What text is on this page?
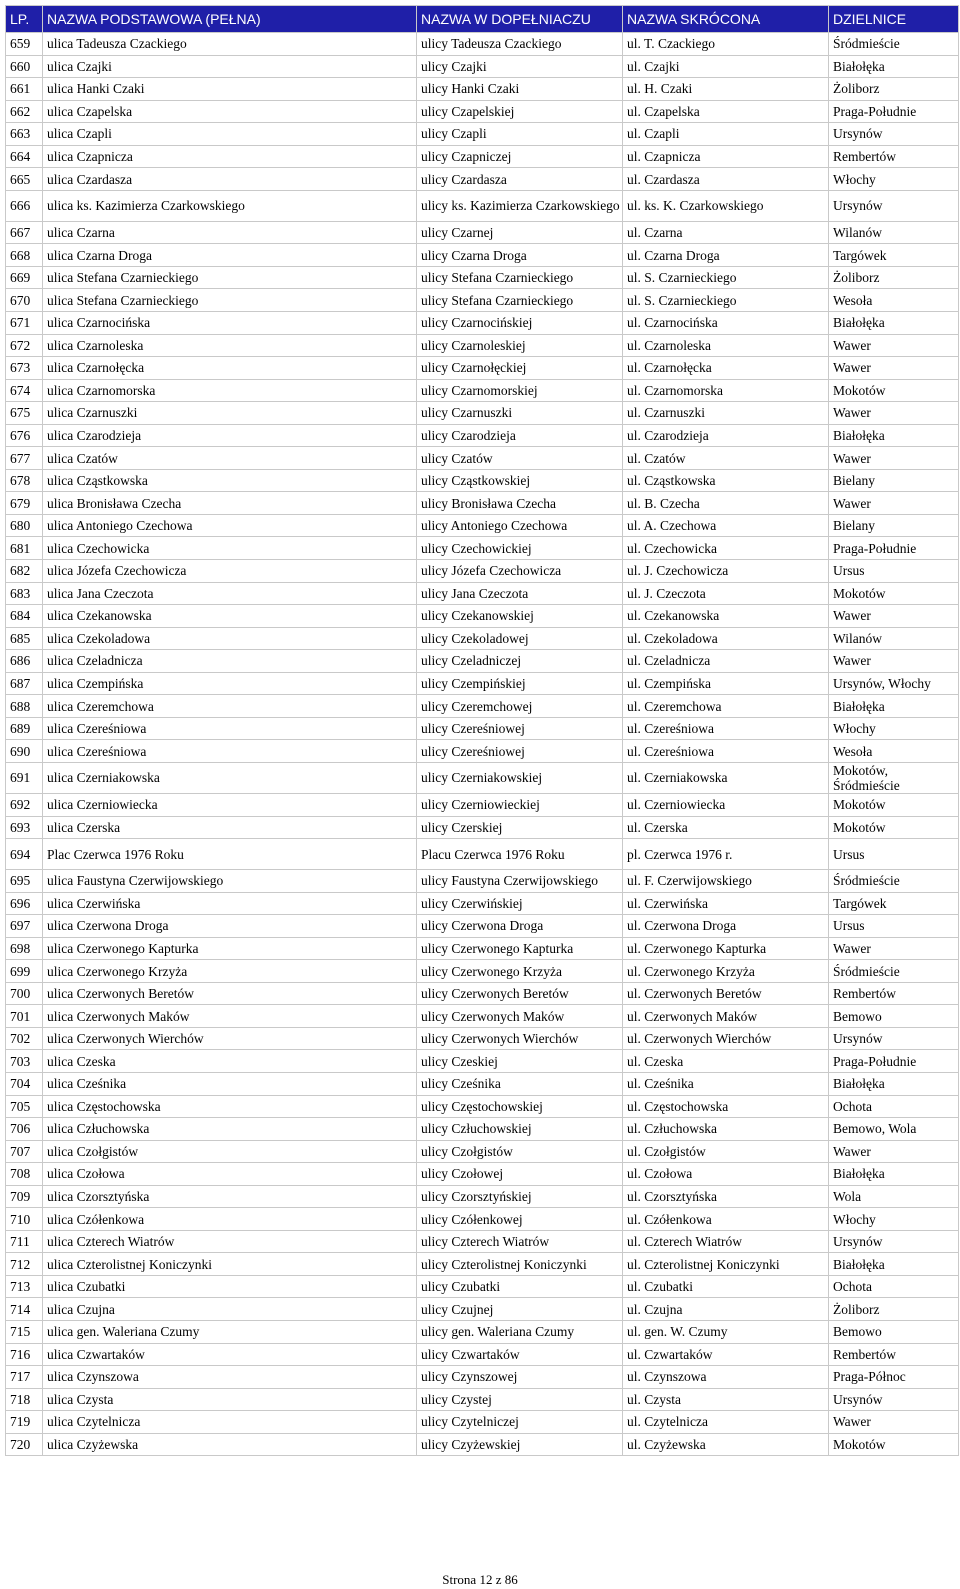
LP.	NAZWA PODSTAWOWA (PEŁNA)	NAZWA W DOPEŁNIACZU	NAZWA SKRÓCONA	DZIELNICE
659	ulica Tadeusza Czackiego	ulicy Tadeusza Czackiego	ul. T. Czackiego	Śródmieście
660	ulica Czajki	ulicy Czajki	ul. Czajki	Białołęka
661	ulica Hanki Czaki	ulicy Hanki Czaki	ul. H. Czaki	Żoliborz
662	ulica Czapelska	ulicy Czapelskiej	ul. Czapelska	Praga-Południe
663	ulica Czapli	ulicy Czapli	ul. Czapli	Ursynów
664	ulica Czapnicza	ulicy Czapniczej	ul. Czapnicza	Rembertów
665	ulica Czardasza	ulicy Czardasza	ul. Czardasza	Włochy
666	ulica ks. Kazimierza Czarkowskiego	ulicy ks. Kazimierza Czarkowskiego	ul. ks. K. Czarkowskiego	Ursynów
667	ulica Czarna	ulicy Czarnej	ul. Czarna	Wilanów
668	ulica Czarna Droga	ulicy Czarna Droga	ul. Czarna Droga	Targówek
669	ulica Stefana Czarnieckiego	ulicy Stefana Czarnieckiego	ul. S. Czarnieckiego	Żoliborz
670	ulica Stefana Czarnieckiego	ulicy Stefana Czarnieckiego	ul. S. Czarnieckiego	Wesoła
671	ulica Czarnocińska	ulicy Czarnocińskiej	ul. Czarnocińska	Białołęka
672	ulica Czarnoleska	ulicy Czarnoleskiej	ul. Czarnoleska	Wawer
673	ulica Czarnołęcka	ulicy Czarnołęckiej	ul. Czarnołęcka	Wawer
674	ulica Czarnomorska	ulicy Czarnomorskiej	ul. Czarnomorska	Mokotów
675	ulica Czarnuszki	ulicy Czarnuszki	ul. Czarnuszki	Wawer
676	ulica Czarodzieja	ulicy Czarodzieja	ul. Czarodzieja	Białołęka
677	ulica Czatów	ulicy Czatów	ul. Czatów	Wawer
678	ulica Cząstkowska	ulicy Cząstkowskiej	ul. Cząstkowska	Bielany
679	ulica Bronisława Czecha	ulicy Bronisława Czecha	ul. B. Czecha	Wawer
680	ulica Antoniego Czechowa	ulicy Antoniego Czechowa	ul. A. Czechowa	Bielany
681	ulica Czechowicka	ulicy Czechowickiej	ul. Czechowicka	Praga-Południe
682	ulica Józefa Czechowicza	ulicy Józefa Czechowicza	ul. J. Czechowicza	Ursus
683	ulica Jana Czeczota	ulicy Jana Czeczota	ul. J. Czeczota	Mokotów
684	ulica Czekanowska	ulicy Czekanowskiej	ul. Czekanowska	Wawer
685	ulica Czekoladowa	ulicy Czekoladowej	ul. Czekoladowa	Wilanów
686	ulica Czeladnicza	ulicy Czeladniczej	ul. Czeladnicza	Wawer
687	ulica Czempińska	ulicy Czempińskiej	ul. Czempińska	Ursynów, Włochy
688	ulica Czeremchowa	ulicy Czeremchowej	ul. Czeremchowa	Białołęka
689	ulica Czereśniowa	ulicy Czereśniowej	ul. Czereśniowa	Włochy
690	ulica Czereśniowa	ulicy Czereśniowej	ul. Czereśniowa	Wesoła
691	ulica Czerniakowska	ulicy Czerniakowskiej	ul. Czerniakowska	Mokotów, Śródmieście
692	ulica Czerniowiecka	ulicy Czerniowieckiej	ul. Czerniowiecka	Mokotów
693	ulica Czerska	ulicy Czerskiej	ul. Czerska	Mokotów
694	Plac Czerwca 1976 Roku	Placu Czerwca 1976 Roku	pl. Czerwca 1976 r.	Ursus
695	ulica Faustyna Czerwijowskiego	ulicy Faustyna Czerwijowskiego	ul. F. Czerwijowskiego	Śródmieście
696	ulica Czerwińska	ulicy Czerwińskiej	ul. Czerwińska	Targówek
697	ulica Czerwona Droga	ulicy Czerwona Droga	ul. Czerwona Droga	Ursus
698	ulica Czerwonego Kapturka	ulicy Czerwonego Kapturka	ul. Czerwonego Kapturka	Wawer
699	ulica Czerwonego Krzyża	ulicy Czerwonego Krzyża	ul. Czerwonego Krzyża	Śródmieście
700	ulica Czerwonych Beretów	ulicy Czerwonych Beretów	ul. Czerwonych Beretów	Rembertów
701	ulica Czerwonych Maków	ulicy Czerwonych Maków	ul. Czerwonych Maków	Bemowo
702	ulica Czerwonych Wierchów	ulicy Czerwonych Wierchów	ul. Czerwonych Wierchów	Ursynów
703	ulica Czeska	ulicy Czeskiej	ul. Czeska	Praga-Południe
704	ulica Cześnika	ulicy Cześnika	ul. Cześnika	Białołęka
705	ulica Częstochowska	ulicy Częstochowskiej	ul. Częstochowska	Ochota
706	ulica Człuchowska	ulicy Człuchowskiej	ul. Człuchowska	Bemowo, Wola
707	ulica Czołgistów	ulicy Czołgistów	ul. Czołgistów	Wawer
708	ulica Czołowa	ulicy Czołowej	ul. Czołowa	Białołęka
709	ulica Czorsztyńska	ulicy Czorsztyńskiej	ul. Czorsztyńska	Wola
710	ulica Czółenkowa	ulicy Czółenkowej	ul. Czółenkowa	Włochy
711	ulica Czterech Wiatrów	ulicy Czterech Wiatrów	ul. Czterech Wiatrów	Ursynów
712	ulica Czterolistnej Koniczynki	ulicy Czterolistnej Koniczynki	ul. Czterolistnej Koniczynki	Białołęka
713	ulica Czubatki	ulicy Czubatki	ul. Czubatki	Ochota
714	ulica Czujna	ulicy Czujnej	ul. Czujna	Żoliborz
715	ulica gen. Waleriana Czumy	ulicy gen. Waleriana Czumy	ul. gen. W. Czumy	Bemowo
716	ulica Czwartaków	ulicy Czwartaków	ul. Czwartaków	Rembertów
717	ulica Czynszowa	ulicy Czynszowej	ul. Czynszowa	Praga-Północ
718	ulica Czysta	ulicy Czystej	ul. Czysta	Ursynów
719	ulica Czytelnicza	ulicy Czytelniczej	ul. Czytelnicza	Wawer
720	ulica Czyżewska	ulicy Czyżewskiej	ul. Czyżewska	Mokotów
Strona 12 z 86
